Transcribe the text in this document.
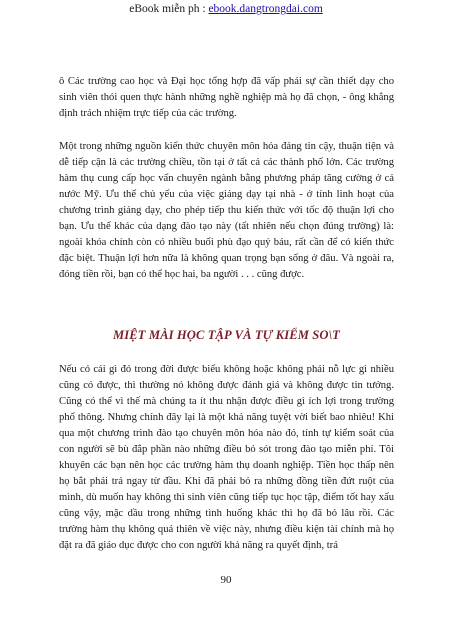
eBook miễn ph : ebook.dangtrongdai.com

ô Các trường cao học và Đại học tổng hợp đã vấp phải sự cần thiết dạy cho sinh viên thói quen thực hành những nghề nghiệp mà họ đã chọn, - ông khẳng định trách nhiệm trực tiếp của các trường.

Một trong những nguồn kiến thức chuyên môn hóa đáng tin cậy, thuận tiện và dễ tiếp cận là các trường chiều, tồn tại ở tất cả các thành phố lớn. Các trường hàm thụ cung cấp học vấn chuyên ngành bằng phương pháp tăng cường ở cả nước Mỹ. Ưu thế chủ yếu của việc giảng dạy tại nhà - ở tính linh hoạt của chương trình giảng dạy, cho phép tiếp thu kiến thức với tốc độ thuận lợi cho bạn. Ưu thế khác của dạng đào tạo này (tất nhiên nếu chọn đúng trường) là: ngoài khóa chính còn có nhiều buổi phù đạo quý báu, rất cần để có kiến thức đặc biệt. Thuận lợi hơn nữa là không quan trọng bạn sống ở đâu. Và ngoài ra, đóng tiền rồi, bạn có thể học hai, ba người . . . cũng được.

MIỆT MÀI HỌC TẬP VÀ TỰ KIỂM SO\T

Nếu có cái gì đó trong đời được biếu không hoặc không phải nỗ lực gì nhiều cũng có được, thì thường nó không được đánh giá và không được tin tưởng. Cũng có thể vì thế mà chúng ta ít thu nhận được điều gì ích lợi trong trường phổ thông. Nhưng chính đây lại là một khả năng tuyệt vời biết bao nhiêu! Khi qua một chương trình đào tạo chuyên môn hóa nào đó, tính tự kiểm soát của con người sẽ bù đắp phần nào những điều bỏ sót trong đào tạo miễn phí. Tôi khuyên các bạn nên học các trường hàm thụ doanh nghiệp. Tiền học thấp nên họ bắt phải trả ngay từ đầu. Khi đã phải bỏ ra những đồng tiền đứt ruột của mình, dù muốn hay không thì sinh viên cũng tiếp tục học tập, điểm tốt hay xấu cũng vậy, mặc dầu trong những tình huống khác thì họ đã bỏ lâu rồi. Các trường hàm thụ không quá thiên về việc này, nhưng điều kiện tài chính mà họ đặt ra đã giáo dục được cho con người khả năng ra quyết định, trả

90
